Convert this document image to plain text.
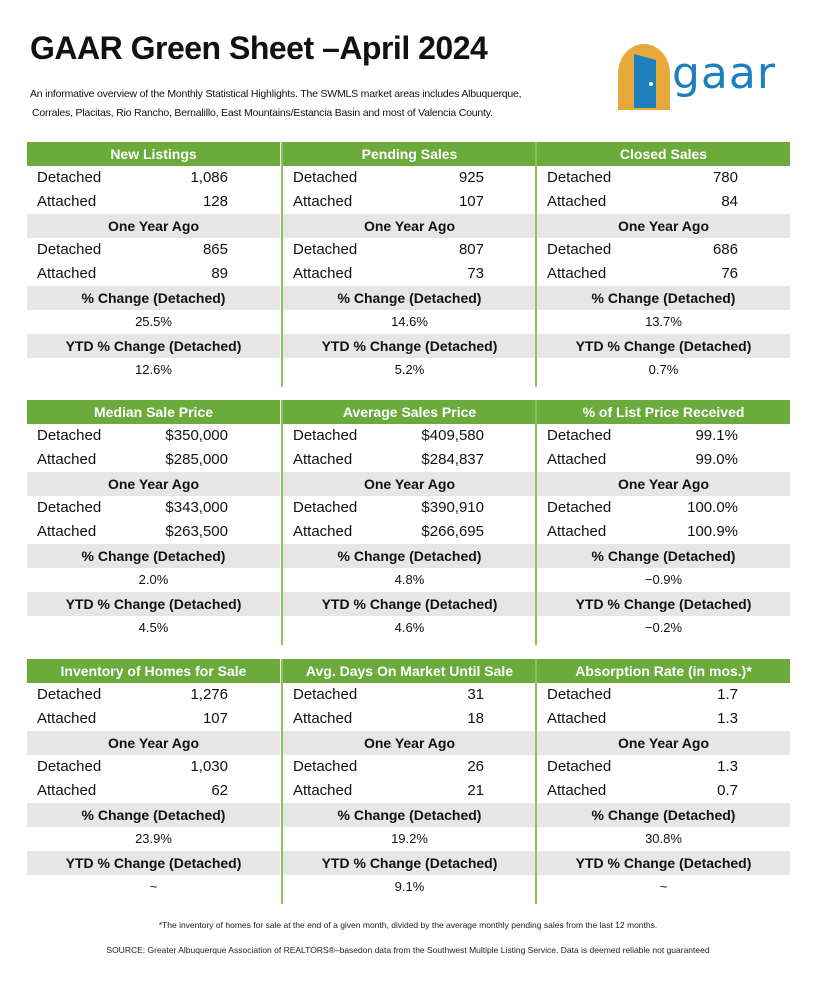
GAAR Green Sheet –April 2024
An informative overview of the Monthly Statistical Highlights. The SWMLS market areas includes Albuquerque,
Corrales, Placitas, Rio Rancho, Bernalillo, East Mountains/Estancia Basin and most of Valencia County.
gaar
New Listings
Detached	1,086
Attached	128
One Year Ago
Detached	865
Attached	89
% Change (Detached)
25.5%
YTD % Change (Detached)
12.6%
Pending Sales
Detached	925
Attached	107
One Year Ago
Detached	807
Attached	73
% Change (Detached)
14.6%
YTD % Change (Detached)
5.2%
Closed Sales
Detached	780
Attached	84
One Year Ago
Detached	686
Attached	76
% Change (Detached)
13.7%
YTD % Change (Detached)
0.7%
Median Sale Price
Detached	$350,000
Attached	$285,000
One Year Ago
Detached	$343,000
Attached	$263,500
% Change (Detached)
2.0%
YTD % Change (Detached)
4.5%
Average Sales Price
Detached	$409,580
Attached	$284,837
One Year Ago
Detached	$390,910
Attached	$266,695
% Change (Detached)
4.8%
YTD % Change (Detached)
4.6%
% of List Price Received
Detached	99.1%
Attached	99.0%
One Year Ago
Detached	100.0%
Attached	100.9%
% Change (Detached)
−0.9%
YTD % Change (Detached)
−0.2%
Inventory of Homes for Sale
Detached	1,276
Attached	107
One Year Ago
Detached	1,030
Attached	62
% Change (Detached)
23.9%
YTD % Change (Detached)
~
Avg. Days On Market Until Sale
Detached	31
Attached	18
One Year Ago
Detached	26
Attached	21
% Change (Detached)
19.2%
YTD % Change (Detached)
9.1%
Absorption Rate (in mos.)*
Detached	1.7
Attached	1.3
One Year Ago
Detached	1.3
Attached	0.7
% Change (Detached)
30.8%
YTD % Change (Detached)
~
*The inventory of homes for sale at the end of a given month, divided by the average monthly pending sales from the last 12 months.
SOURCE: Greater Albuquerque Association of REALTORS®–basedon data from the Southwest Multiple Listing Service. Data is deemed reliable not guaranteed
